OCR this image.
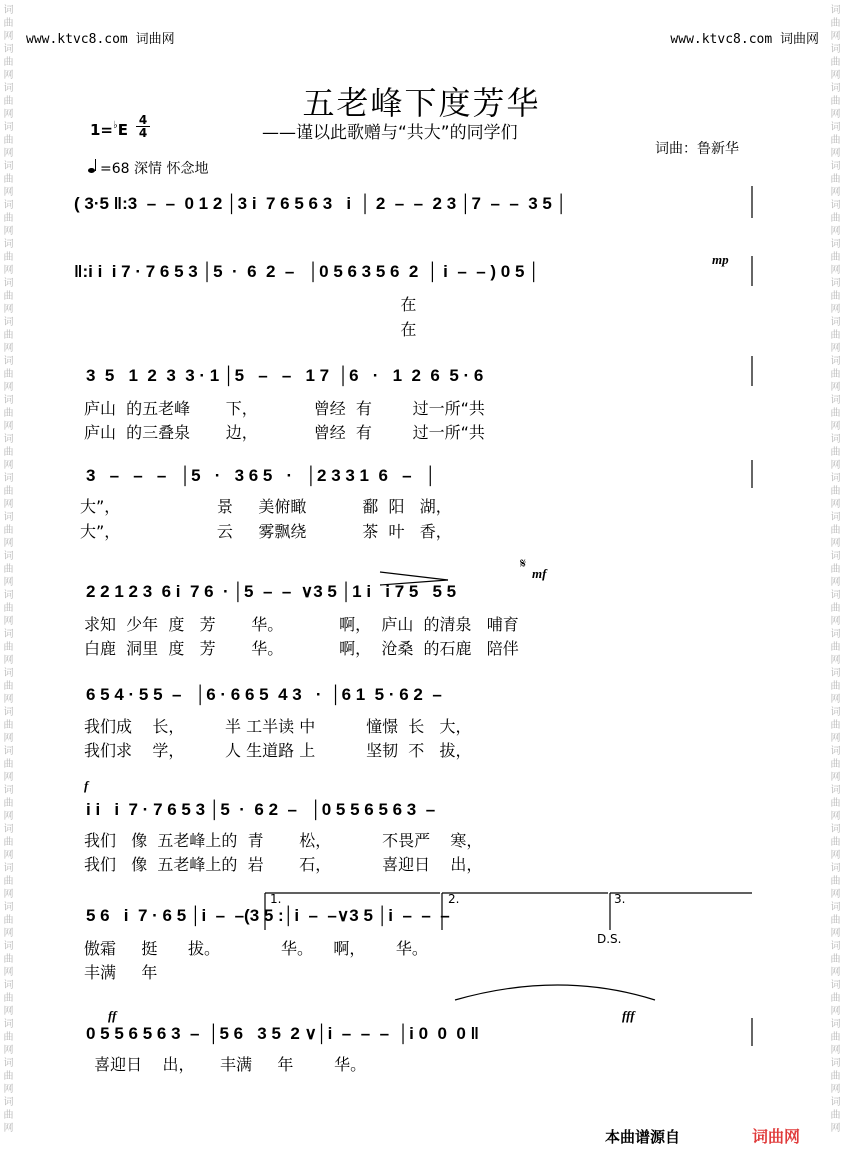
词曲网词曲网词曲网词曲网词曲网词曲网词曲网词曲网词曲网词曲网词曲网词曲网词曲网词曲网词曲网词曲网词曲网词曲网词曲网词曲网词曲网词曲网词曲网词曲网词曲网词曲网词曲网词曲网词曲网
词曲网词曲网词曲网词曲网词曲网词曲网词曲网词曲网词曲网词曲网词曲网词曲网词曲网词曲网词曲网词曲网词曲网词曲网词曲网词曲网词曲网词曲网词曲网词曲网词曲网词曲网词曲网词曲网词曲网
www.ktvc8.com 词曲网	www.ktvc8.com 词曲网
五老峰下度芳华
——谨以此歌赠与“共大”的同学们
词曲：鲁新华
1=♭E
4
4
=68 深情 怀念地
( 3·5 ‖:3  –  –  0 1 2 │3 i  7 6 5 6 3   i  │ 2  –  –  2 3 │7  –  –  3 5 │
‖:i i  i 7 · 7 6 5 3 │5  ·  6  2  –   │0 5 6 3 5 6  2  │ i  –  – ) 0 5 │
在
在
3  5   1  2  3  3 · 1 │5   –   –   1 7  │6   ·   1  2  6  5 · 6
庐山  的五老峰       下，           曾经  有        过一所“共
庐山  的三叠泉       边，           曾经  有        过一所“共
3   –   –   –   │5   ·   3 6 5   ·   │2 3 3 1  6   –   │
大”，                   景     美俯瞰           鄱  阳   湖，
大”，                   云     雾飘绕           茶  叶   香，
𝄋
mf
2 2 1 2 3  6 i  7 6  · │5  –  –  ∨3 5 │1 i   i 7 5   5 5
求知  少年  度   芳       华。           啊，  庐山  的清泉   哺育
白鹿  洞里  度   芳       华。           啊，  沧桑  的石鹿   陪伴
6 5 4 · 5 5  –   │6 · 6 6 5  4 3   ·  │6 1  5 · 6 2  –
我们成    长，        半 工半读 中          憧憬  长   大，
我们求    学，        人 生道路 上          坚韧  不   拔，
f
i i   i  7 · 7 6 5 3 │5  ·  6 2  –   │0 5 5 6 5 6 3  –
我们   像  五老峰上的  青       松，          不畏严    寒，
我们   像  五老峰上的  岩       石，          喜迎日    出，
1.	2.	3.
5 6   i  7 · 6 5 │i  –  –(3 5 :│i  –  –∨3 5 │i  –  –  –
傲霜     挺      拔。            华。    啊，      华。	D.S.
丰满     年
ff	fff
0 5 5 6 5 6 3  –  │5 6   3 5  2 ∨│i  –  –  –  │i 0  0  0 ‖
喜迎日    出，     丰满     年        华。
mp
本曲谱源自	词曲网
